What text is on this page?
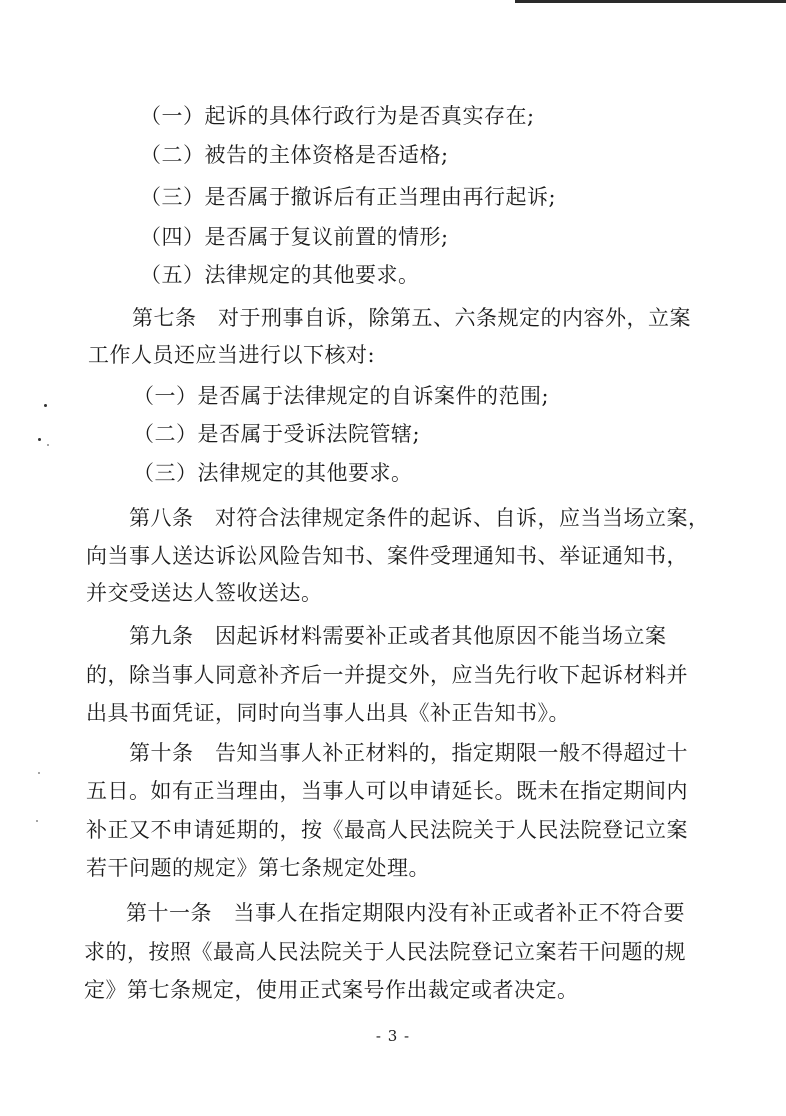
（一）起诉的具体行政行为是否真实存在;
（二）被告的主体资格是否适格;
（三）是否属于撤诉后有正当理由再行起诉;
（四）是否属于复议前置的情形;
（五）法律规定的其他要求。
第七条　对于刑事自诉，除第五、六条规定的内容外，立案
工作人员还应当进行以下核对:
（一）是否属于法律规定的自诉案件的范围;
（二）是否属于受诉法院管辖;
（三）法律规定的其他要求。
第八条　对符合法律规定条件的起诉、自诉，应当当场立案，
向当事人送达诉讼风险告知书、案件受理通知书、举证通知书，
并交受送达人签收送达。
第九条　因起诉材料需要补正或者其他原因不能当场立案
的，除当事人同意补齐后一并提交外，应当先行收下起诉材料并
出具书面凭证，同时向当事人出具《补正告知书》。
第十条　告知当事人补正材料的，指定期限一般不得超过十
五日。如有正当理由，当事人可以申请延长。既未在指定期间内
补正又不申请延期的，按《最高人民法院关于人民法院登记立案
若干问题的规定》第七条规定处理。
第十一条　当事人在指定期限内没有补正或者补正不符合要
求的，按照《最高人民法院关于人民法院登记立案若干问题的规
定》第七条规定，使用正式案号作出裁定或者决定。
- 3 -
